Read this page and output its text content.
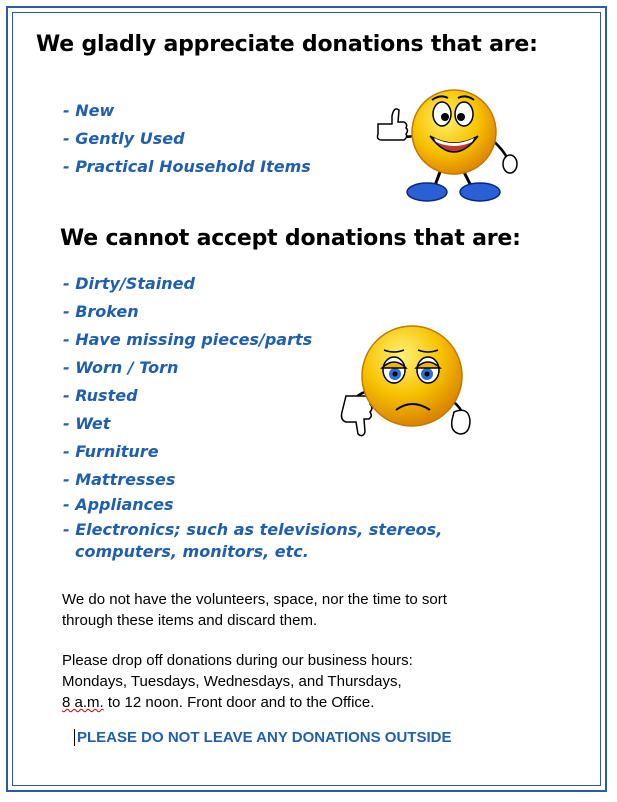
We gladly appreciate donations that are:
- New
- Gently Used
- Practical Household Items
We cannot accept donations that are:
- Dirty/Stained
- Broken
- Have missing pieces/parts
- Worn / Torn
- Rusted
- Wet
- Furniture
- Mattresses
- Appliances
- Electronics; such as televisions, stereos,
computers, monitors, etc.

We do not have the volunteers, space, nor the time to sort
through these items and discard them.

Please drop off donations during our business hours:
Mondays, Tuesdays, Wednesdays, and Thursdays,
8 a.m. to 12 noon. Front door and to the Office.

PLEASE DO NOT LEAVE ANY DONATIONS OUTSIDE
